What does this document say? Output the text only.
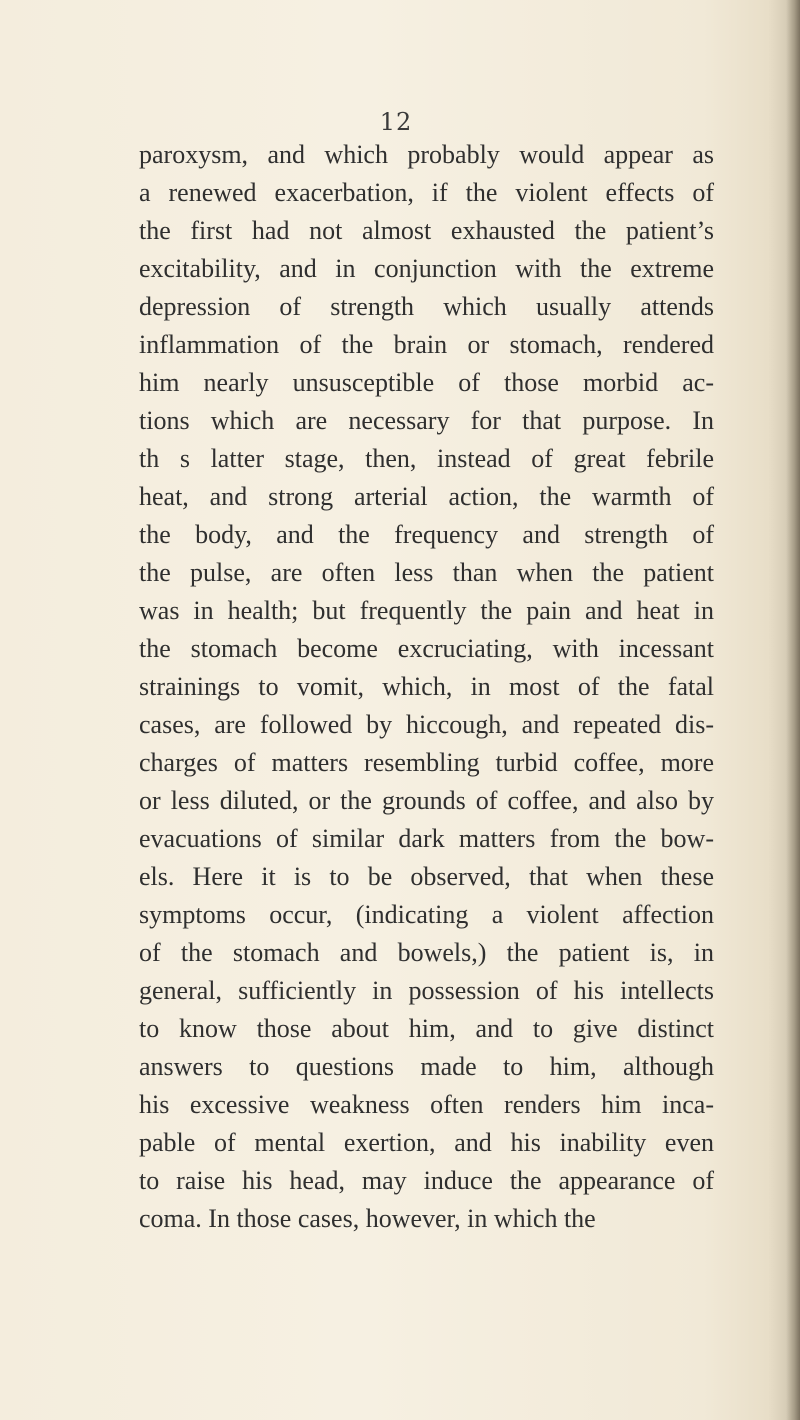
12
paroxysm, and which probably would appear as
a renewed exacerbation, if the violent effects of
the first had not almost exhausted the patient’s
excitability, and in conjunction with the extreme
depression of strength which usually attends
inflammation of the brain or stomach, rendered
him nearly unsusceptible of those morbid ac-
tions which are necessary for that purpose. In
th s latter stage, then, instead of great febrile
heat, and strong arterial action, the warmth of
the body, and the frequency and strength of
the pulse, are often less than when the patient
was in health; but frequently the pain and heat in
the stomach become excruciating, with incessant
strainings to vomit, which, in most of the fatal
cases, are followed by hiccough, and repeated dis-
charges of matters resembling turbid coffee, more
or less diluted, or the grounds of coffee, and also by
evacuations of similar dark matters from the bow-
els. Here it is to be observed, that when these
symptoms occur, (indicating a violent affection
of the stomach and bowels,) the patient is, in
general, sufficiently in possession of his intellects
to know those about him, and to give distinct
answers to questions made to him, although
his excessive weakness often renders him inca-
pable of mental exertion, and his inability even
to raise his head, may induce the appearance of
coma. In those cases, however, in which the
